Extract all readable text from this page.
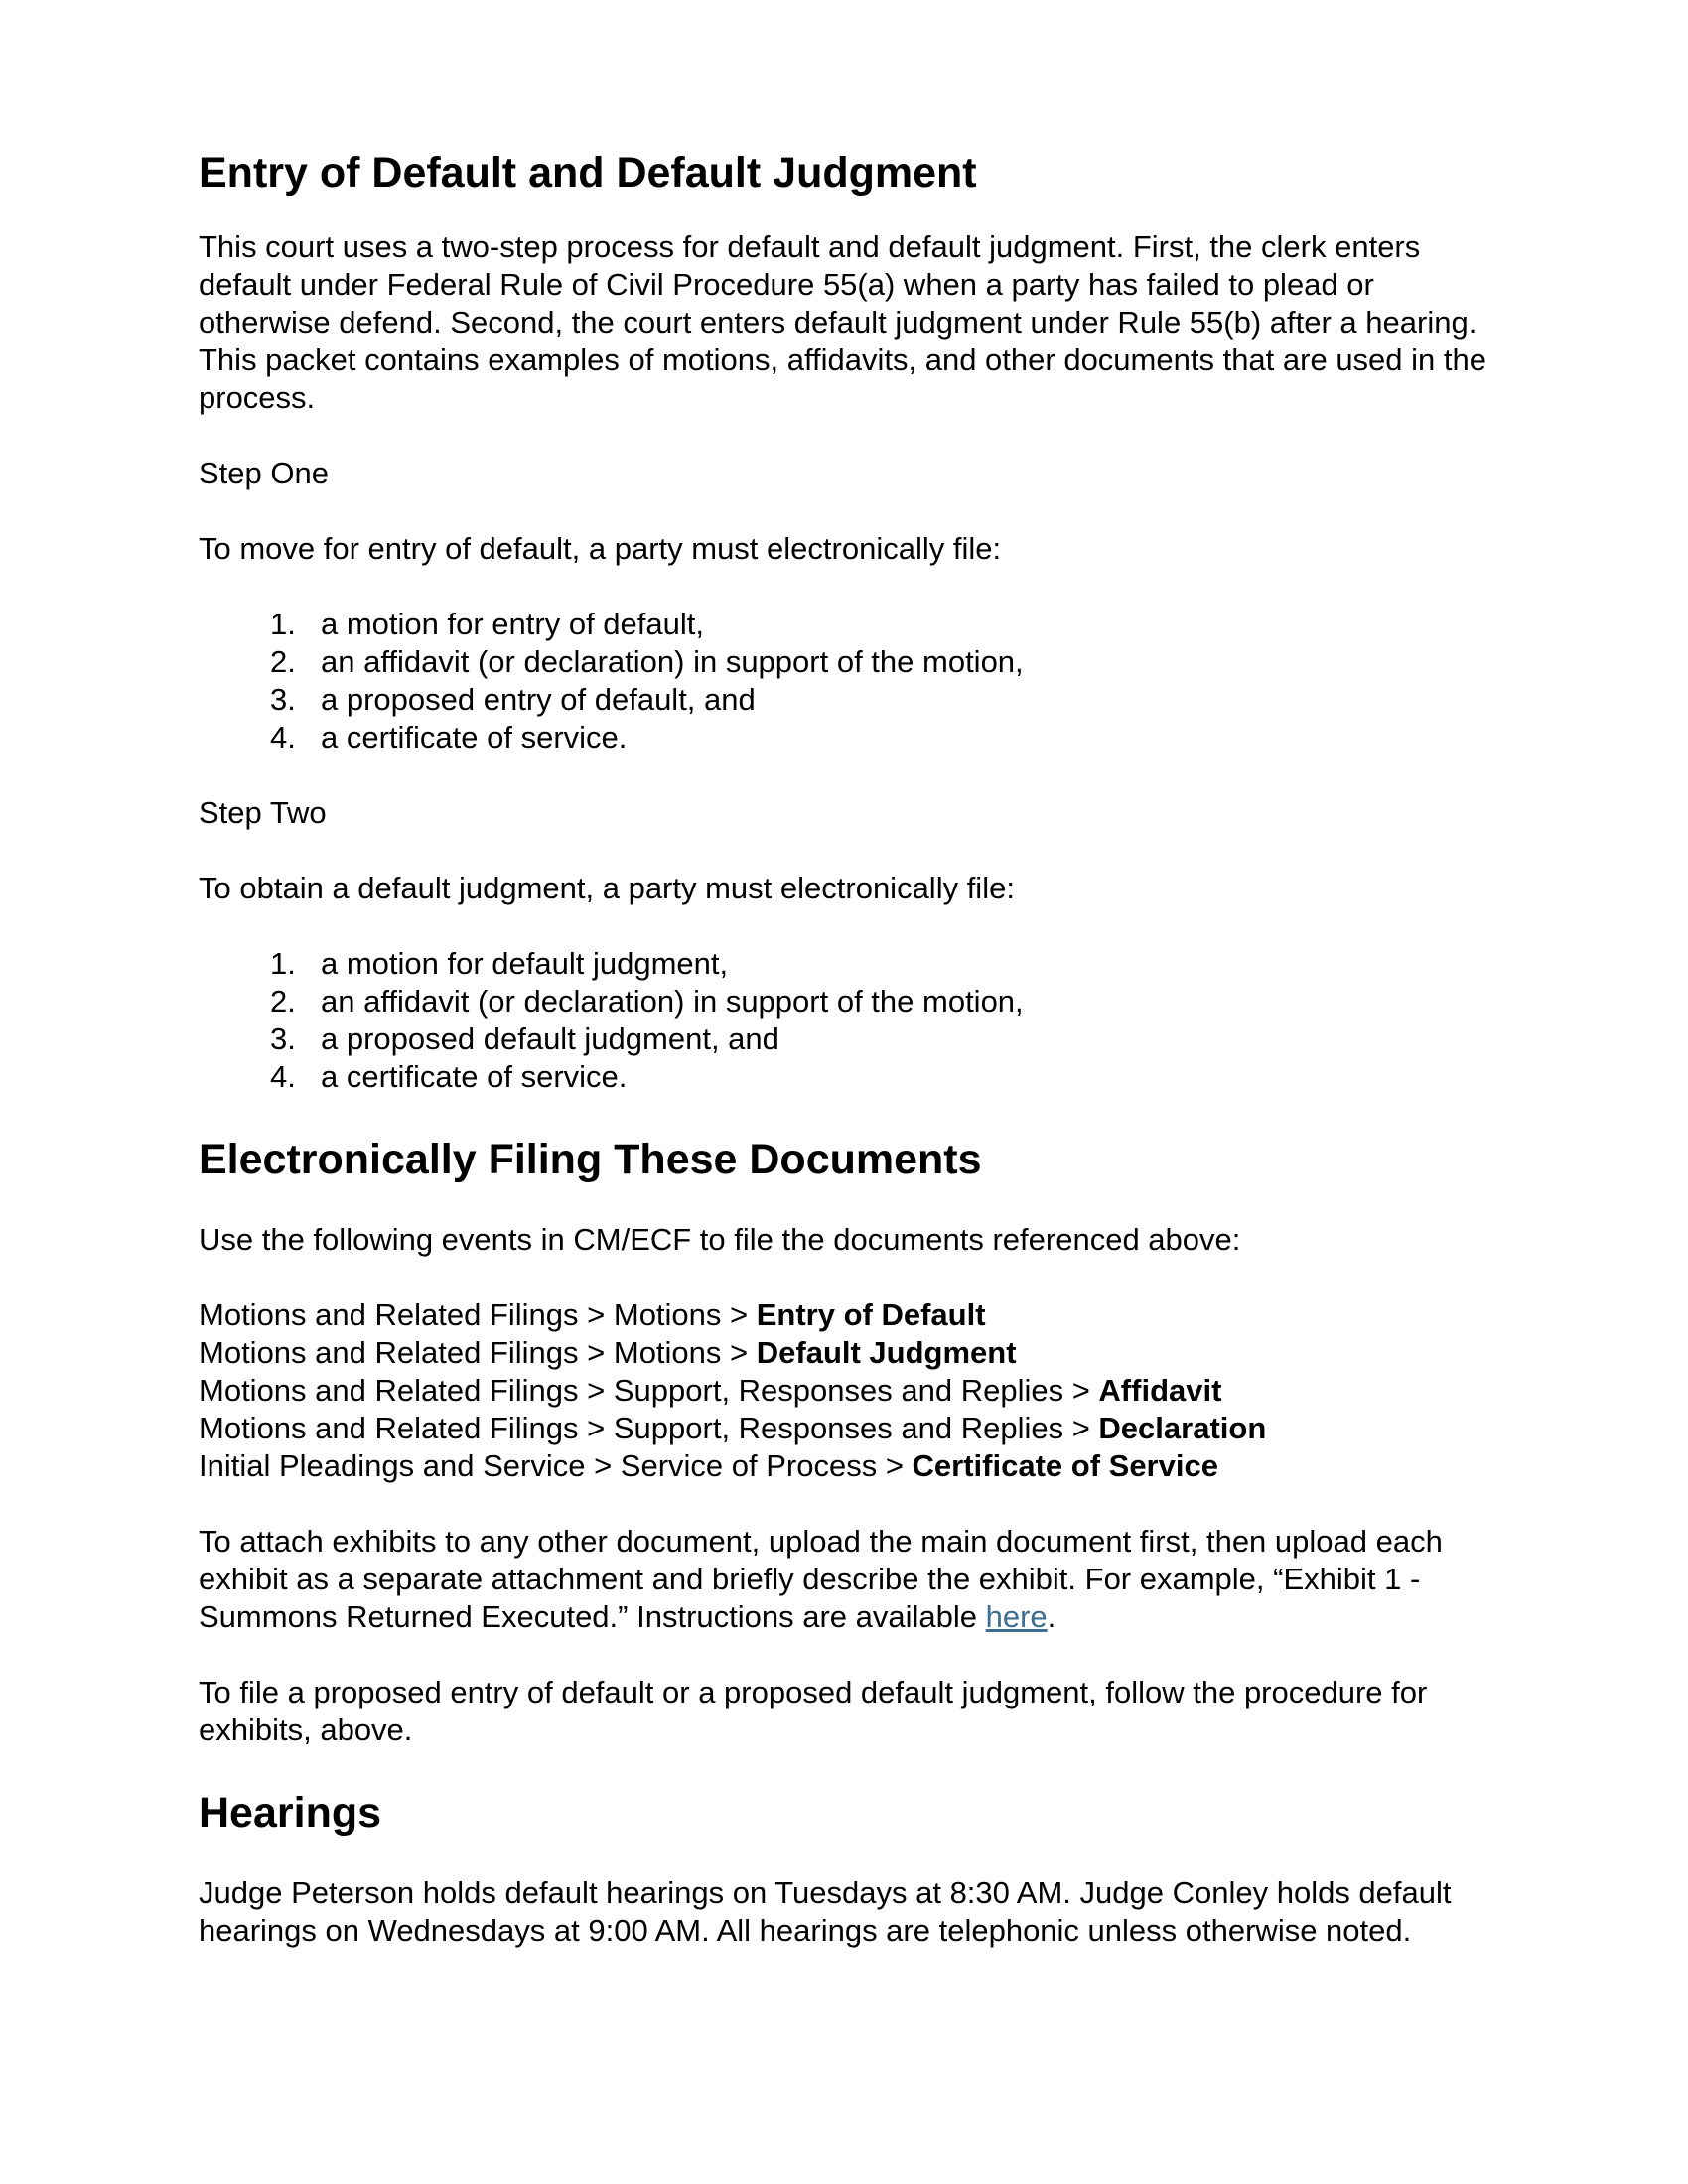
Entry of Default and Default Judgment

This court uses a two-step process for default and default judgment. First, the clerk enters default under Federal Rule of Civil Procedure 55(a) when a party has failed to plead or otherwise defend. Second, the court enters default judgment under Rule 55(b) after a hearing. This packet contains examples of motions, affidavits, and other documents that are used in the process.

Step One

To move for entry of default, a party must electronically file:

1. a motion for entry of default,
2. an affidavit (or declaration) in support of the motion,
3. a proposed entry of default, and
4. a certificate of service.

Step Two

To obtain a default judgment, a party must electronically file:

1. a motion for default judgment,
2. an affidavit (or declaration) in support of the motion,
3. a proposed default judgment, and
4. a certificate of service.
Electronically Filing These Documents

Use the following events in CM/ECF to file the documents referenced above:

Motions and Related Filings > Motions > Entry of Default
Motions and Related Filings > Motions > Default Judgment
Motions and Related Filings > Support, Responses and Replies > Affidavit
Motions and Related Filings > Support, Responses and Replies > Declaration
Initial Pleadings and Service > Service of Process > Certificate of Service

To attach exhibits to any other document, upload the main document first, then upload each exhibit as a separate attachment and briefly describe the exhibit. For example, “Exhibit 1 - Summons Returned Executed.” Instructions are available here.

To file a proposed entry of default or a proposed default judgment, follow the procedure for exhibits, above.

Hearings

Judge Peterson holds default hearings on Tuesdays at 8:30 AM. Judge Conley holds default hearings on Wednesdays at 9:00 AM. All hearings are telephonic unless otherwise noted.
